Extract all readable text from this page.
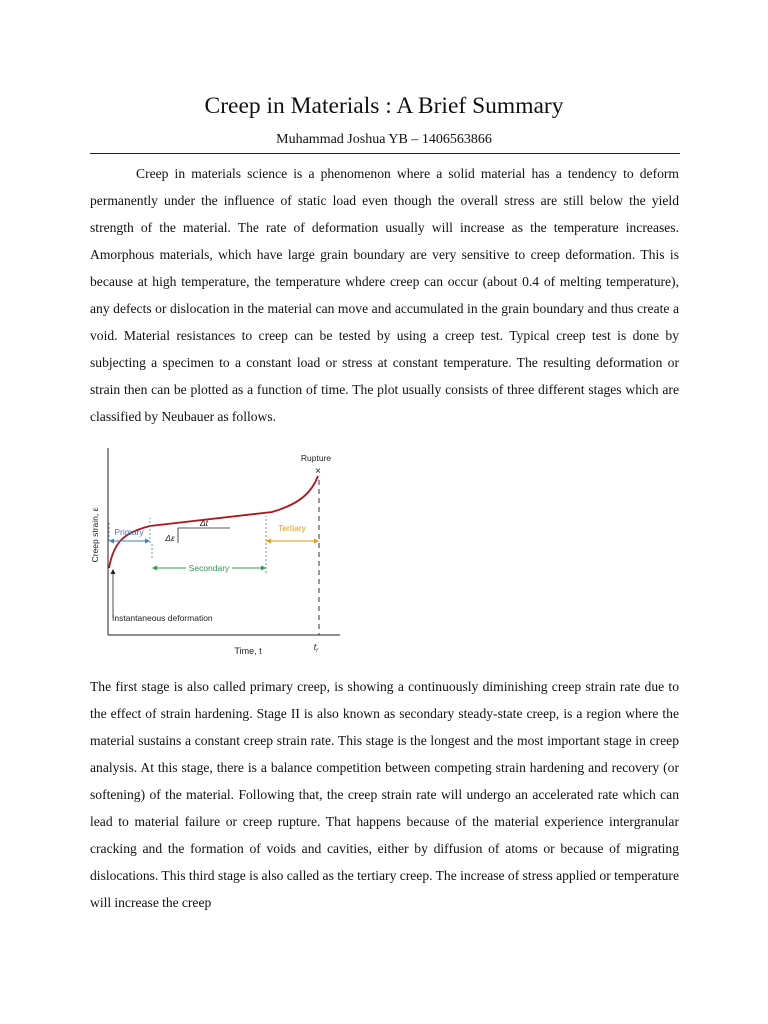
Creep in Materials : A Brief Summary
Muhammad Joshua YB – 1406563866

Creep in materials science is a phenomenon where a solid material has a tendency to deform permanently under the influence of static load even though the overall stress are still below the yield strength of the material. The rate of deformation usually will increase as the temperature increases. Amorphous materials, which have large grain boundary are very sensitive to creep deformation. This is because at high temperature, the temperature whdere creep can occur (about 0.4 of melting temperature), any defects or dislocation in the material can move and accumulated in the grain boundary and thus create a void. Material resistances to creep can be tested by using a creep test. Typical creep test is done by subjecting a specimen to a constant load or stress at constant temperature. The resulting deformation or strain then can be plotted as a function of time. The plot usually consists of three different stages which are classified by Neubauer as follows.

Creep strain, ε
Time, t
×
Rupture
$t_r$
Primary
Secondary
Tertiary
Δt
Δε
Instantaneous deformation

The first stage is also called primary creep, is showing a continuously diminishing creep strain rate due to the effect of strain hardening. Stage II is also known as secondary steady-state creep, is a region where the material sustains a constant creep strain rate. This stage is the longest and the most important stage in creep analysis. At this stage, there is a balance competition between competing strain hardening and recovery (or softening) of the material. Following that, the creep strain rate will undergo an accelerated rate which can lead to material failure or creep rupture. That happens because of the material experience intergranular cracking and the formation of voids and cavities, either by diffusion of atoms or because of migrating dislocations. This third stage is also called as the tertiary creep. The increase of stress applied or temperature will increase the creep
